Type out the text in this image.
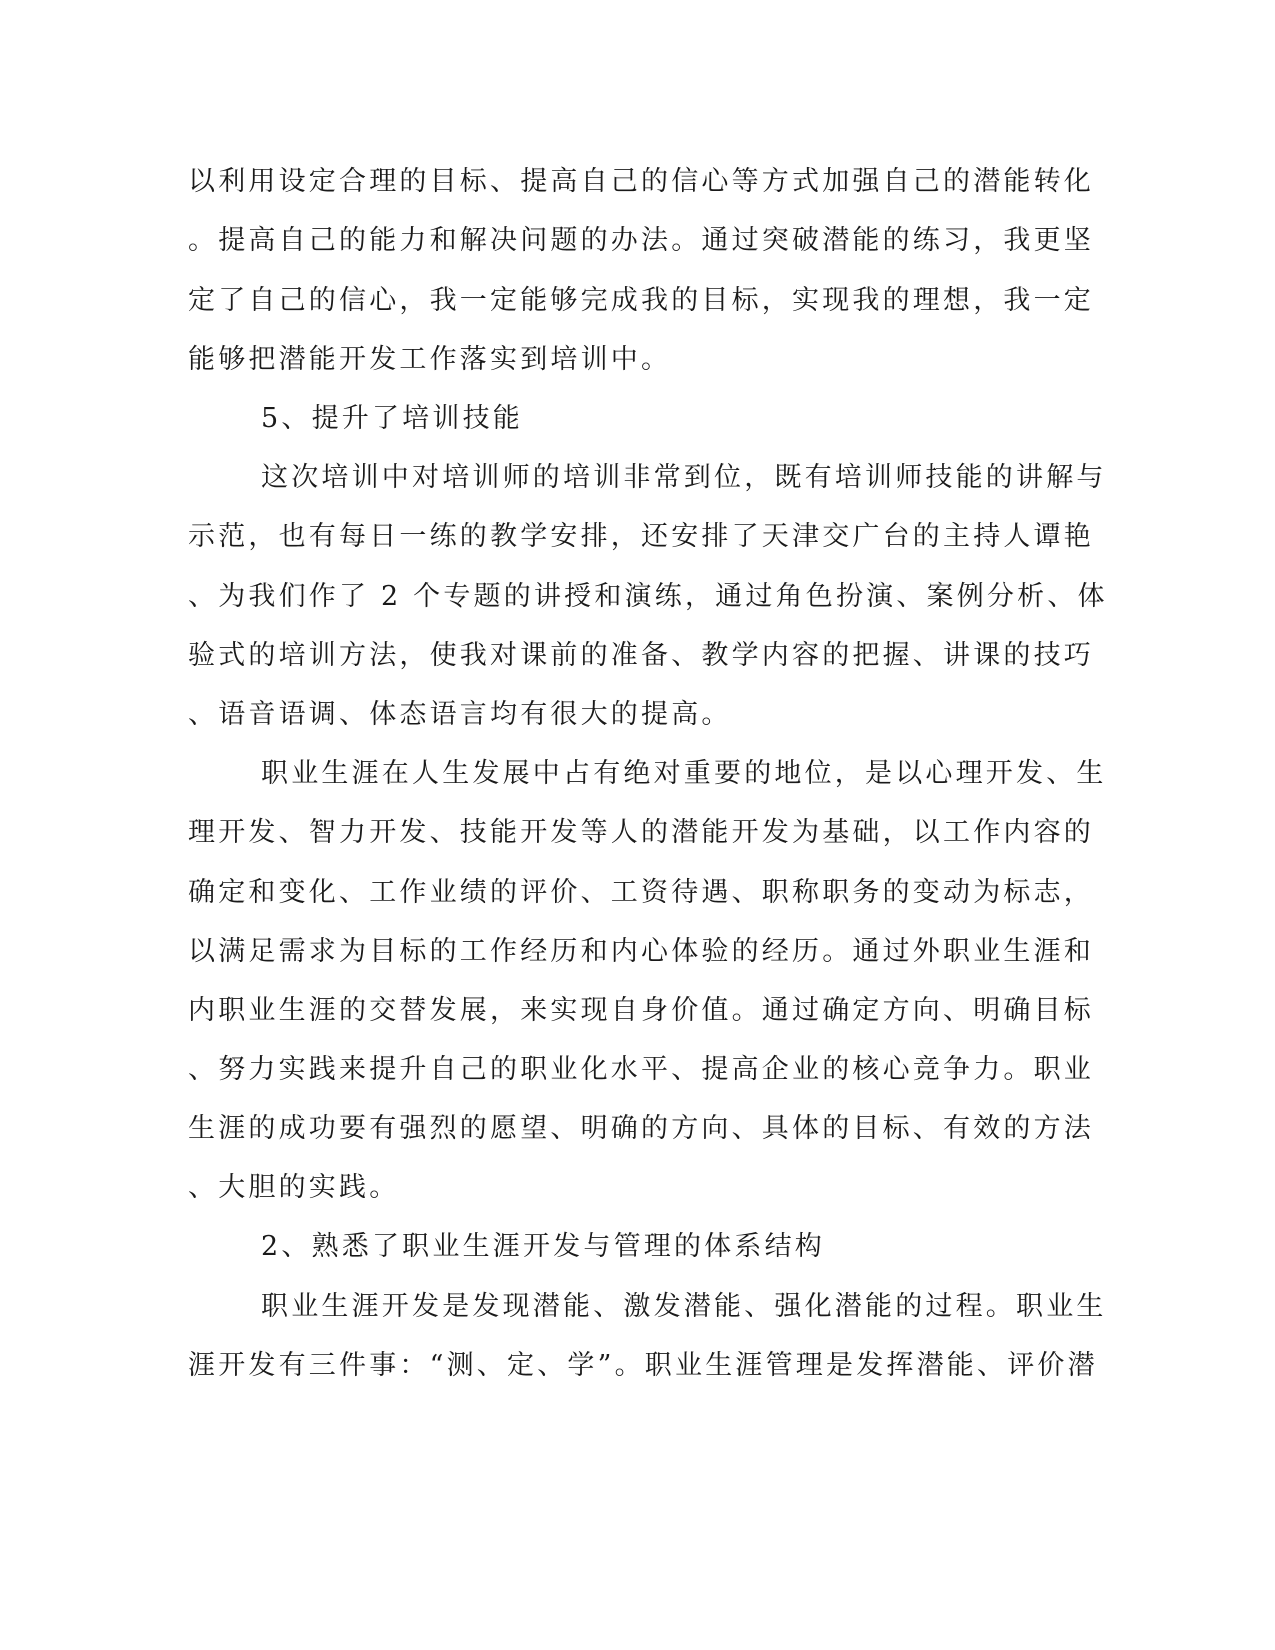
以利用设定合理的目标、提高自己的信心等方式加强自己的潜能转化

。提高自己的能力和解决问题的办法。通过突破潜能的练习，我更坚

定了自己的信心，我一定能够完成我的目标，实现我的理想，我一定

能够把潜能开发工作落实到培训中。

5、提升了培训技能

这次培训中对培训师的培训非常到位，既有培训师技能的讲解与

示范，也有每日一练的教学安排，还安排了天津交广台的主持人谭艳

、为我们作了 2 个专题的讲授和演练，通过角色扮演、案例分析、体

验式的培训方法，使我对课前的准备、教学内容的把握、讲课的技巧

、语音语调、体态语言均有很大的提高。

职业生涯在人生发展中占有绝对重要的地位，是以心理开发、生

理开发、智力开发、技能开发等人的潜能开发为基础，以工作内容的

确定和变化、工作业绩的评价、工资待遇、职称职务的变动为标志，

以满足需求为目标的工作经历和内心体验的经历。通过外职业生涯和

内职业生涯的交替发展，来实现自身价值。通过确定方向、明确目标

、努力实践来提升自己的职业化水平、提高企业的核心竞争力。职业

生涯的成功要有强烈的愿望、明确的方向、具体的目标、有效的方法

、大胆的实践。

2、熟悉了职业生涯开发与管理的体系结构

职业生涯开发是发现潜能、激发潜能、强化潜能的过程。职业生

涯开发有三件事：“测、定、学”。职业生涯管理是发挥潜能、评价潜
